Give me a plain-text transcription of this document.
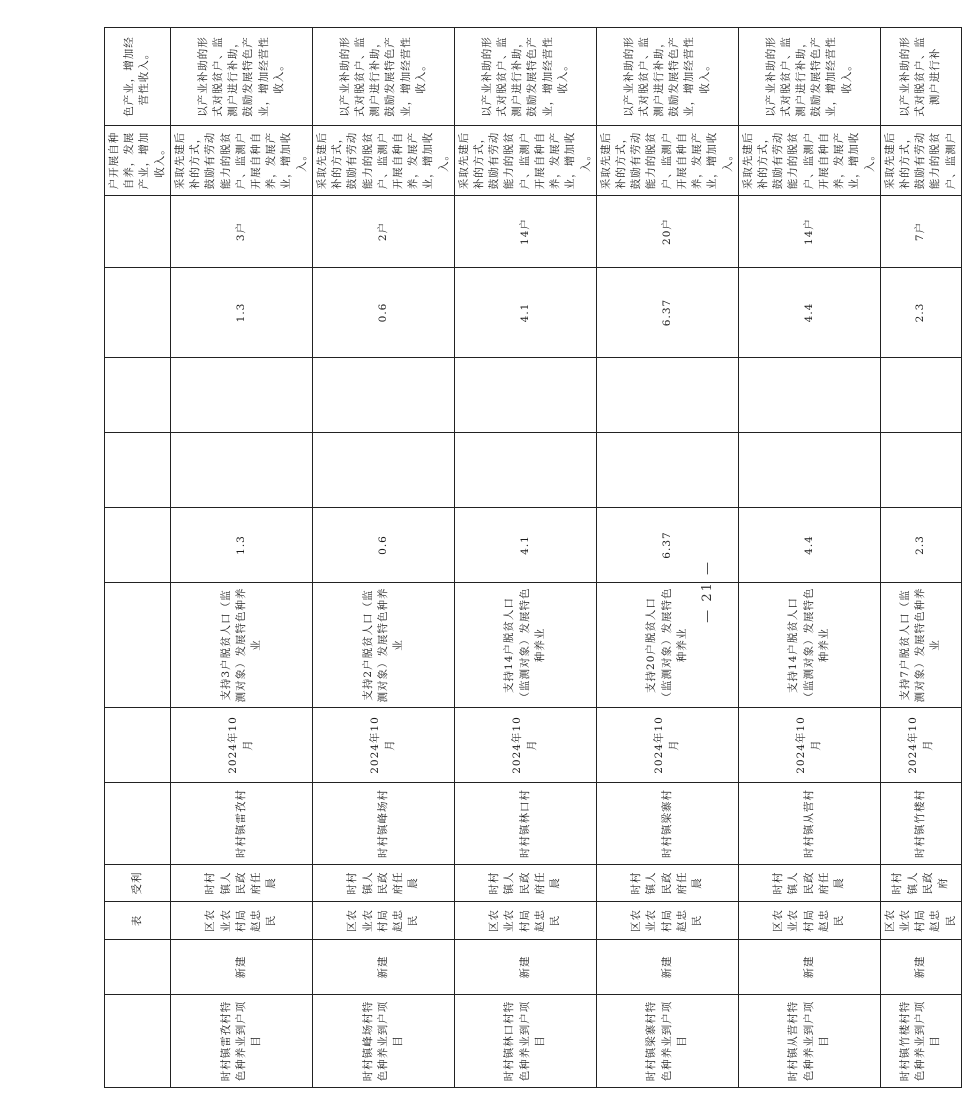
		表	受利									户开展自种自养，发展产业，增加收入。	色产业，增加经营性收入。
时村镇雷孜村特色种养业到户项目	新建	区农业农村局赵忠民	时村镇人民政府任晨	时村镇雷孜村	2024年10月	支持3户脱贫人口（监测对象）发展特色种养业	1.3			1.3	3户	采取先建后补的方式，鼓励有劳动能力的脱贫户、监测户开展自种自养，发展产业，增加收入。	以产业补助的形式对脱贫户、监测户进行补助，鼓励发展特色产业，增加经营性收入。
时村镇峰场村特色种养业到户项目	新建	区农业农村局赵忠民	时村镇人民政府任晨	时村镇峰场村	2024年10月	支持2户脱贫人口（监测对象）发展特色种养业	0.6			0.6	2户	采取先建后补的方式，鼓励有劳动能力的脱贫户、监测户开展自种自养，发展产业，增加收入。	以产业补助的形式对脱贫户、监测户进行补助，鼓励发展特色产业，增加经营性收入。
时村镇林口村特色种养业到户项目	新建	区农业农村局赵忠民	时村镇人民政府任晨	时村镇林口村	2024年10月	支持14户脱贫人口（监测对象）发展特色种养业	4.1			4.1	14户	采取先建后补的方式，鼓励有劳动能力的脱贫户、监测户开展自种自养，发展产业，增加收入。	以产业补助的形式对脱贫户、监测户进行补助，鼓励发展特色产业，增加经营性收入。
时村镇梁寨村特色种养业到户项目	新建	区农业农村局赵忠民	时村镇人民政府任晨	时村镇梁寨村	2024年10月	支持20户脱贫人口（监测对象）发展特色种养业	6.37			6.37	20户	采取先建后补的方式，鼓励有劳动能力的脱贫户、监测户开展自种自养，发展产业，增加收入。	以产业补助的形式对脱贫户、监测户进行补助，鼓励发展特色产业，增加经营性收入。
时村镇从营村特色种养业到户项目	新建	区农业农村局赵忠民	时村镇人民政府任晨	时村镇从营村	2024年10月	支持14户脱贫人口（监测对象）发展特色种养业	4.4			4.4	14户	采取先建后补的方式，鼓励有劳动能力的脱贫户、监测户开展自种自养，发展产业，增加收入。	以产业补助的形式对脱贫户、监测户进行补助，鼓励发展特色产业，增加经营性收入。
时村镇竹楼村特色种养业到户项目	新建	区农业农村局赵忠民	时村镇人民政府	时村镇竹楼村	2024年10月	支持7户脱贫人口（监测对象）发展特色种养业	2.3			2.3	7户	采取先建后补的方式，鼓励有劳动能力的脱贫户、监测户	以产业补助的形式对脱贫户、监测户进行补
— 21 —
